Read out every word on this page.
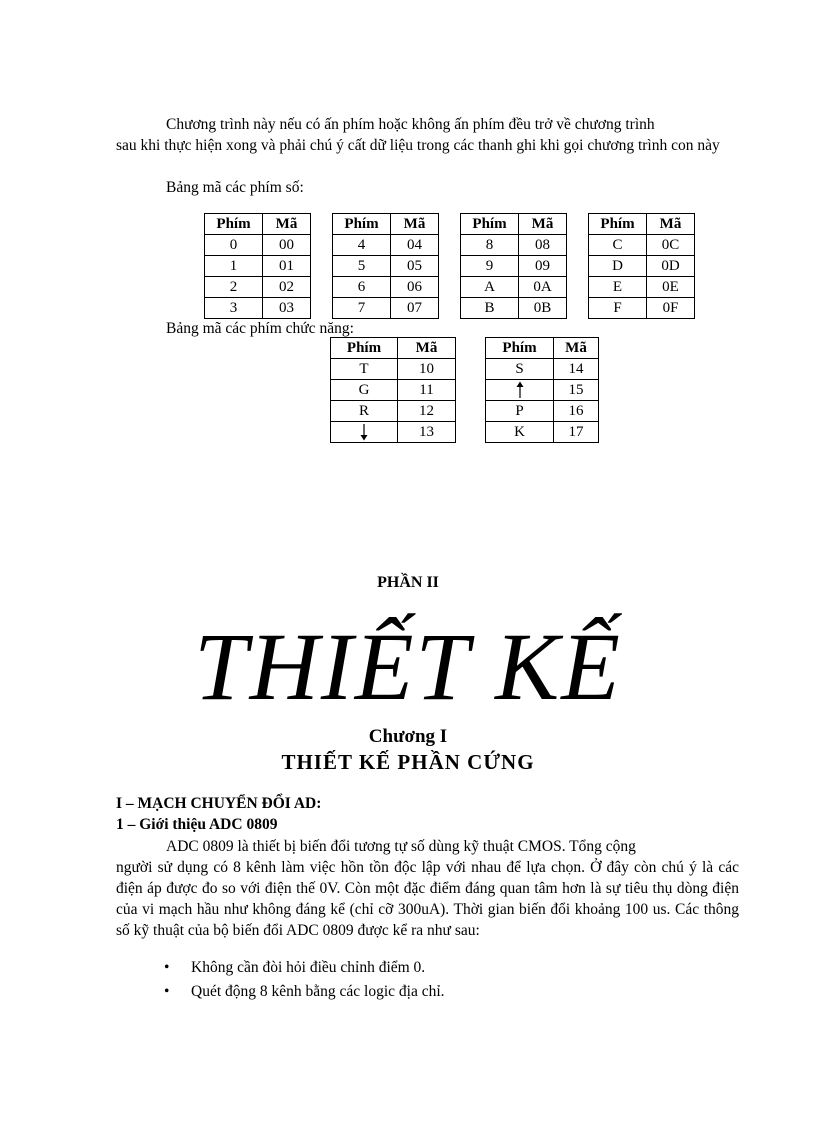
Chương trình này nếu có ấn phím hoặc không ấn phím đều trở về chương trình

sau khi thực hiện xong và phải chú ý cất dữ liệu trong các thanh ghi khi gọi chương trình con này

Bảng mã các phím số:

Phím	Mã		Phím	Mã		Phím	Mã		Phím	Mã
0	00		4	04		8	08		C	0C
1	01		5	05		9	09		D	0D
2	02		6	06		A	0A		E	0E
3	03		7	07		B	0B		F	0F

Bảng mã các phím chức năng:

Phím	Mã		Phím	Mã
T	10		S	14
G	11			15
R	12		P	16
	13		K	17

PHẦN II

THIẾT KẾ

Chương I

THIẾT KẾ PHẦN CỨNG

I – MẠCH CHUYỂN ĐỔI AD:

1 – Giới thiệu ADC 0809

ADC 0809 là thiết bị biến đổi tương tự số dùng kỹ thuật CMOS. Tổng cộng

người sử dụng có 8 kênh làm việc hồn tồn độc lập với nhau để lựa chọn. Ở đây còn chú ý là các điện áp được đo so với điện thế 0V. Còn một đặc điểm đáng quan tâm hơn là sự tiêu thụ dòng điện của vi mạch hầu như không đáng kể (chỉ cỡ 300uA). Thời gian biến đổi khoảng 100 us. Các thông số kỹ thuật của bộ biến đổi ADC 0809 được kể ra như sau:

• Không cần đòi hỏi điều chỉnh điểm 0.
• Quét động 8 kênh bằng các logic địa chỉ.
